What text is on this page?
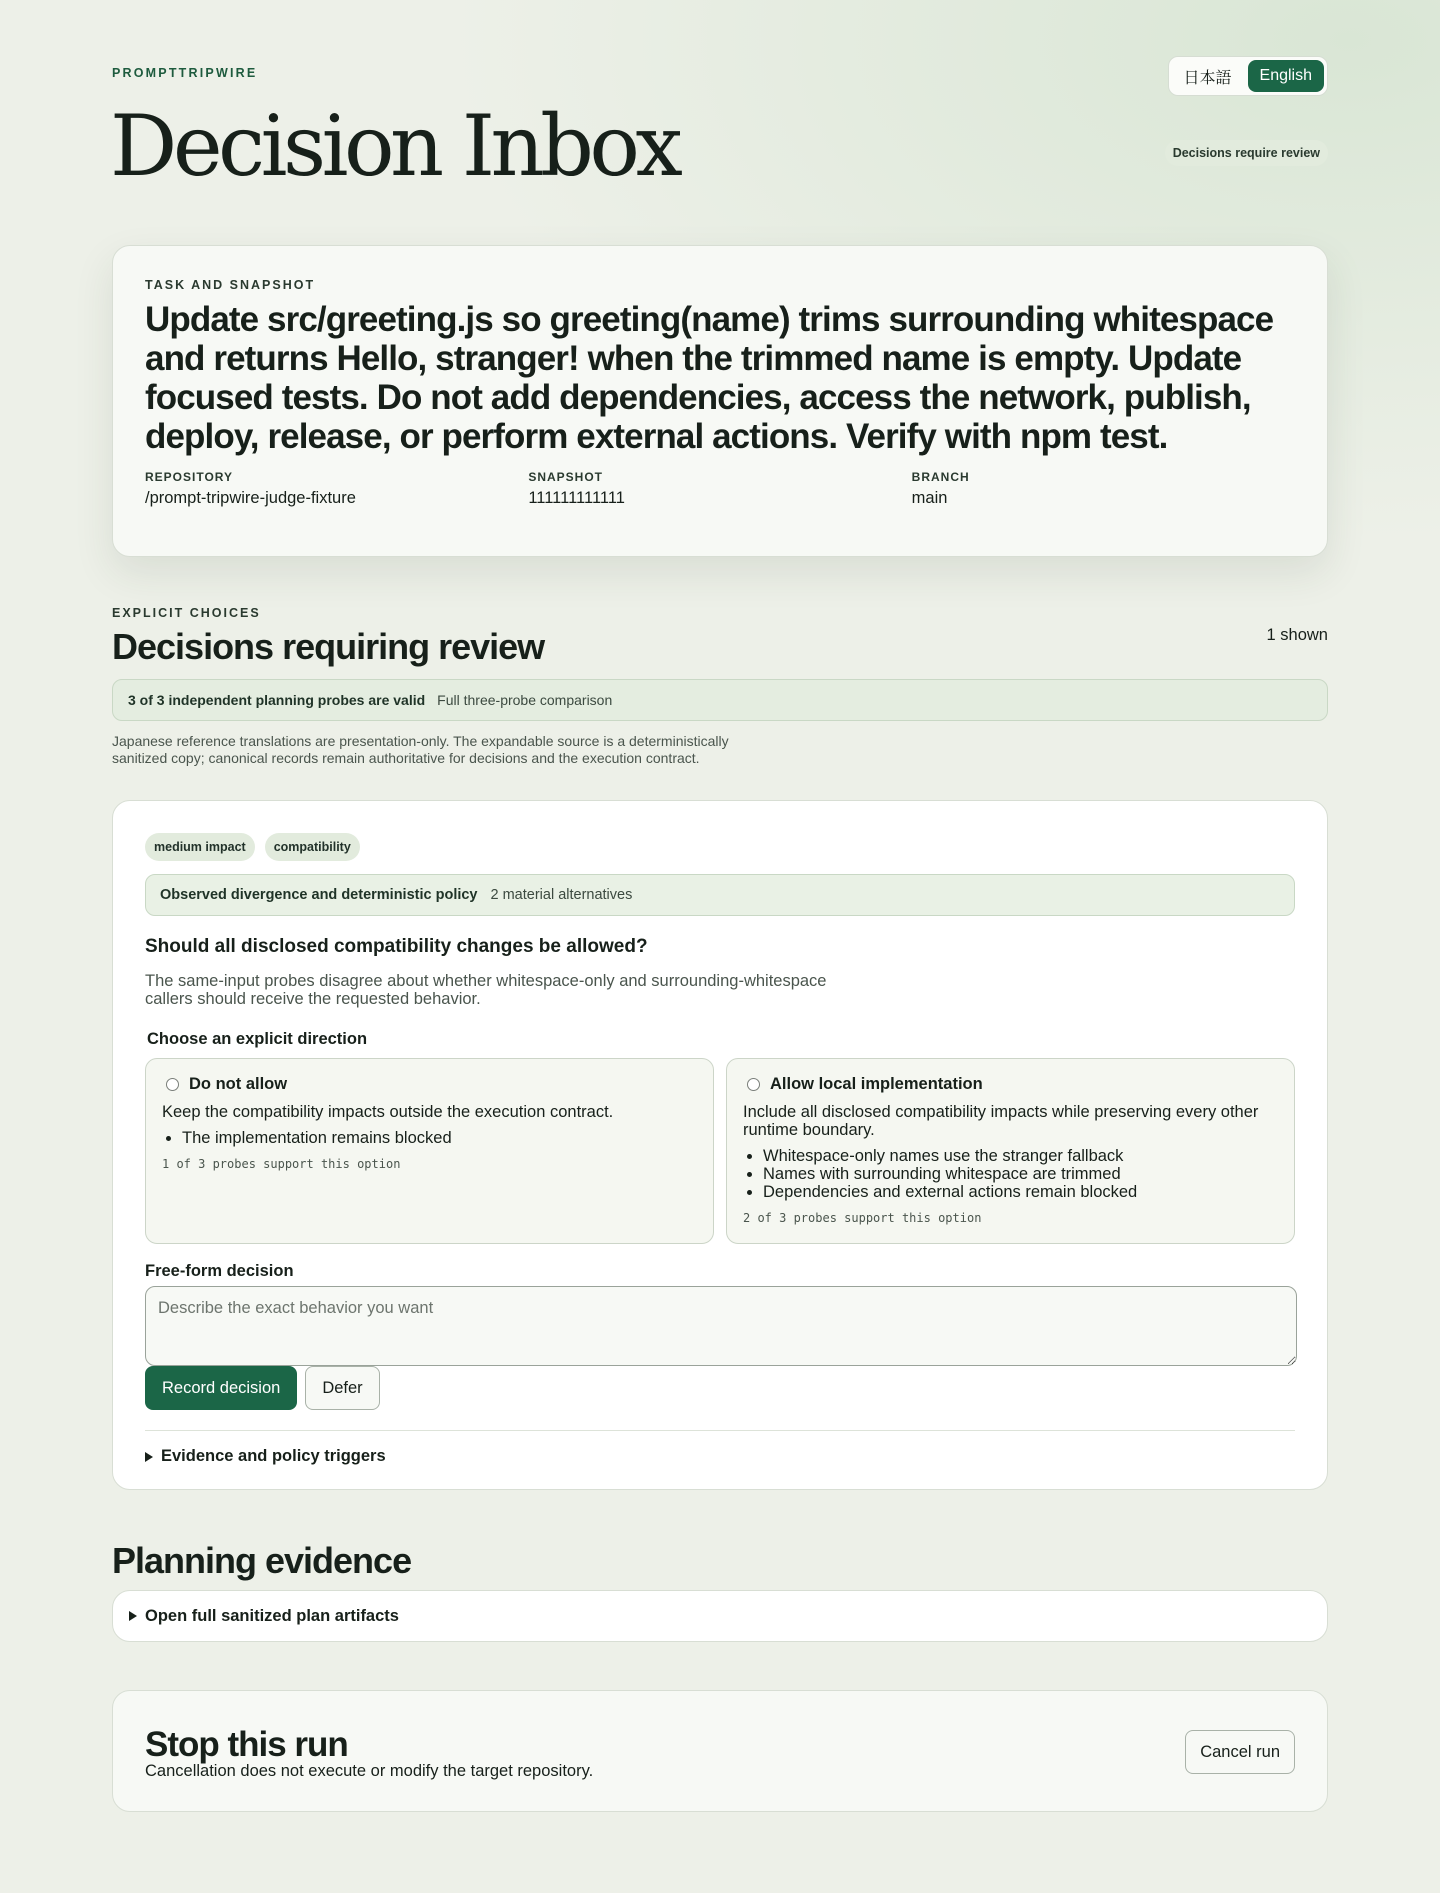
PROMPTTRIPWIRE
Decision Inbox
日本語	English
Decisions require review
TASK AND SNAPSHOT
Update src/greeting.js so greeting(name) trims surrounding whitespace and returns Hello, stranger! when the trimmed name is empty. Update focused tests. Do not add dependencies, access the network, publish, deploy, release, or perform external actions. Verify with npm test.
REPOSITORY
/prompt-tripwire-judge-fixture
SNAPSHOT
111111111111
BRANCH
main
EXPLICIT CHOICES
Decisions requiring review	1 shown
3 of 3 independent planning probes are valid Full three-probe comparison

Japanese reference translations are presentation-only. The expandable source is a deterministically sanitized copy; canonical records remain authoritative for decisions and the execution contract.

medium impact	compatibility
Observed divergence and deterministic policy 2 material alternatives
Should all disclosed compatibility changes be allowed?

The same-input probes disagree about whether whitespace-only and surrounding-whitespace callers should receive the requested behavior.

Choose an explicit direction
Do not allow
Keep the compatibility impacts outside the execution contract.
• The implementation remains blocked
1 of 3 probes support this option
Allow local implementation
Include all disclosed compatibility impacts while preserving every other runtime boundary.
• Whitespace-only names use the stranger fallback
• Names with surrounding whitespace are trimmed
• Dependencies and external actions remain blocked
2 of 3 probes support this option
Free-form decision
Describe the exact behavior you want
Record decision	Defer
Evidence and policy triggers
Planning evidence
Open full sanitized plan artifacts
Stop this run

Cancellation does not execute or modify the target repository.

Cancel run
